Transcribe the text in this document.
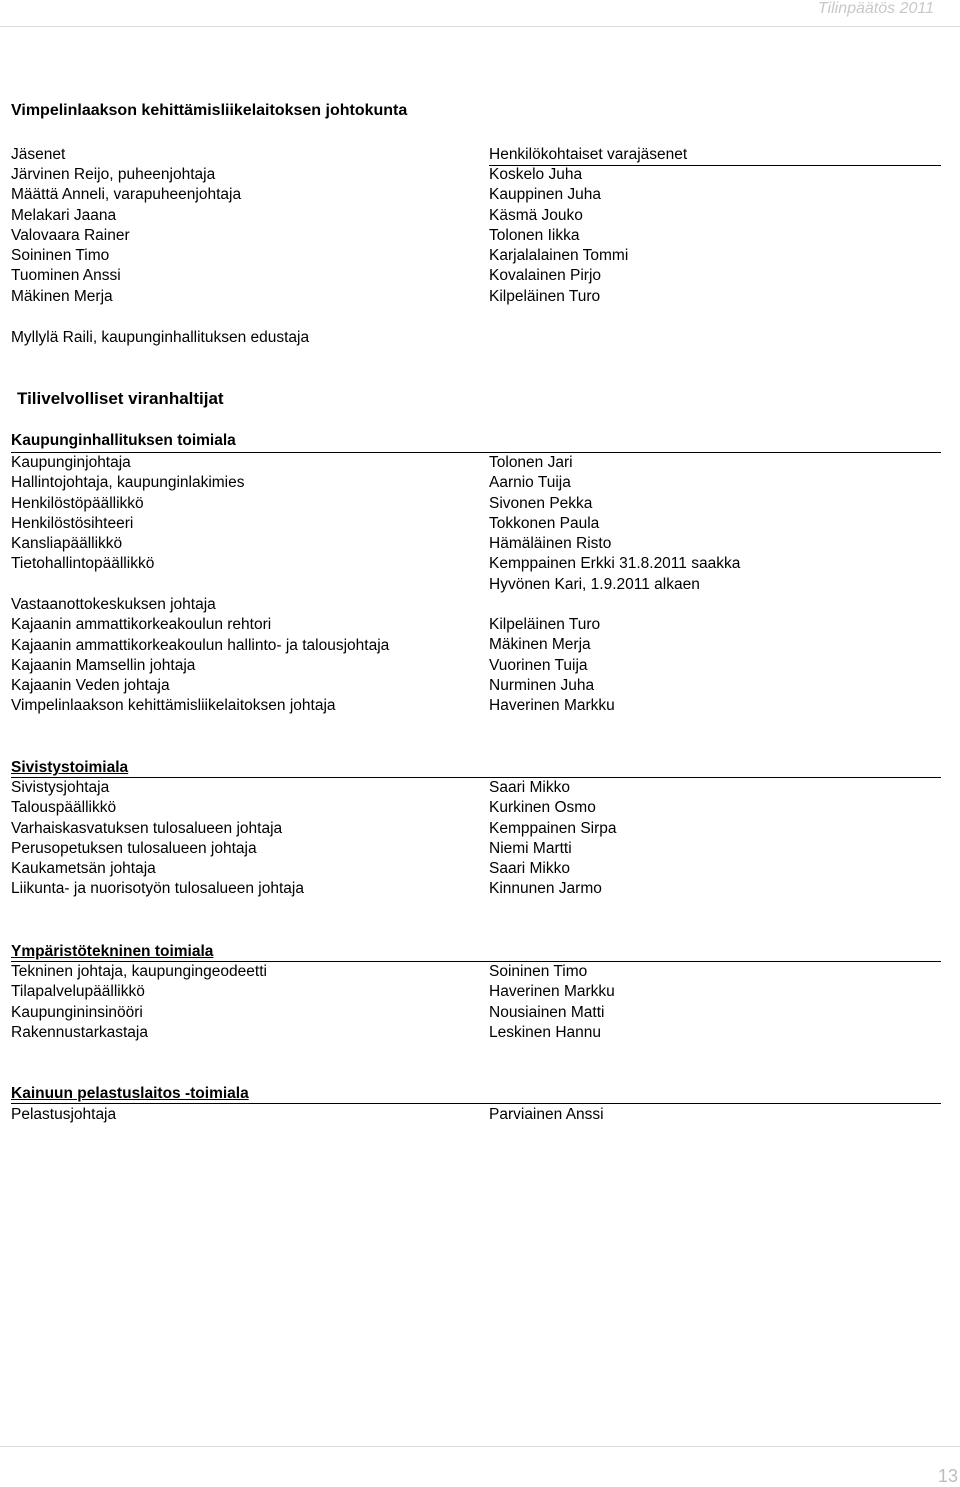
Tilinpäätös 2011
Vimpelinlaakson kehittämisliikelaitoksen johtokunta
Jäsenet	Henkilökohtaiset varajäsenet
Järvinen Reijo, puheenjohtaja
Määttä Anneli, varapuheenjohtaja
Melakari Jaana
Valovaara Rainer
Soininen Timo
Tuominen Anssi
Mäkinen Merja
Koskelo Juha
Kauppinen Juha
Käsmä Jouko
Tolonen Iikka
Karjalalainen Tommi
Kovalainen Pirjo
Kilpeläinen Turo
Myllylä Raili, kaupunginhallituksen edustaja
Tilivelvolliset viranhaltijat
Kaupunginhallituksen toimiala
Kaupunginjohtaja
Hallintojohtaja, kaupunginlakimies
Henkilöstöpäällikkö
Henkilöstösihteeri
Kansliapäällikkö
Tietohallintopäällikkö
Tolonen Jari
Aarnio Tuija
Sivonen Pekka
Tokkonen Paula
Hämäläinen Risto
Kemppainen Erkki 31.8.2011 saakka
Hyvönen Kari, 1.9.2011 alkaen
Vastaanottokeskuksen johtaja
Kajaanin ammattikorkeakoulun rehtori
Kajaanin ammattikorkeakoulun hallinto- ja talousjohtaja
Kajaanin Mamsellin johtaja
Kajaanin Veden johtaja
Vimpelinlaakson kehittämisliikelaitoksen johtaja
Kilpeläinen Turo
Mäkinen Merja
Vuorinen Tuija
Nurminen Juha
Haverinen Markku
Sivistystoimiala
Sivistysjohtaja
Talouspäällikkö
Varhaiskasvatuksen tulosalueen johtaja
Perusopetuksen tulosalueen johtaja
Kaukametsän johtaja
Liikunta- ja nuorisotyön tulosalueen johtaja
Saari Mikko
Kurkinen Osmo
Kemppainen Sirpa
Niemi Martti
Saari Mikko
Kinnunen Jarmo
Ympäristötekninen toimiala
Tekninen johtaja, kaupungingeodeetti
Tilapalvelupäällikkö
Kaupungininsinööri
Rakennustarkastaja
Soininen Timo
Haverinen Markku
Nousiainen Matti
Leskinen Hannu
Kainuun pelastuslaitos -toimiala
Pelastusjohtaja	Parviainen Anssi
13
